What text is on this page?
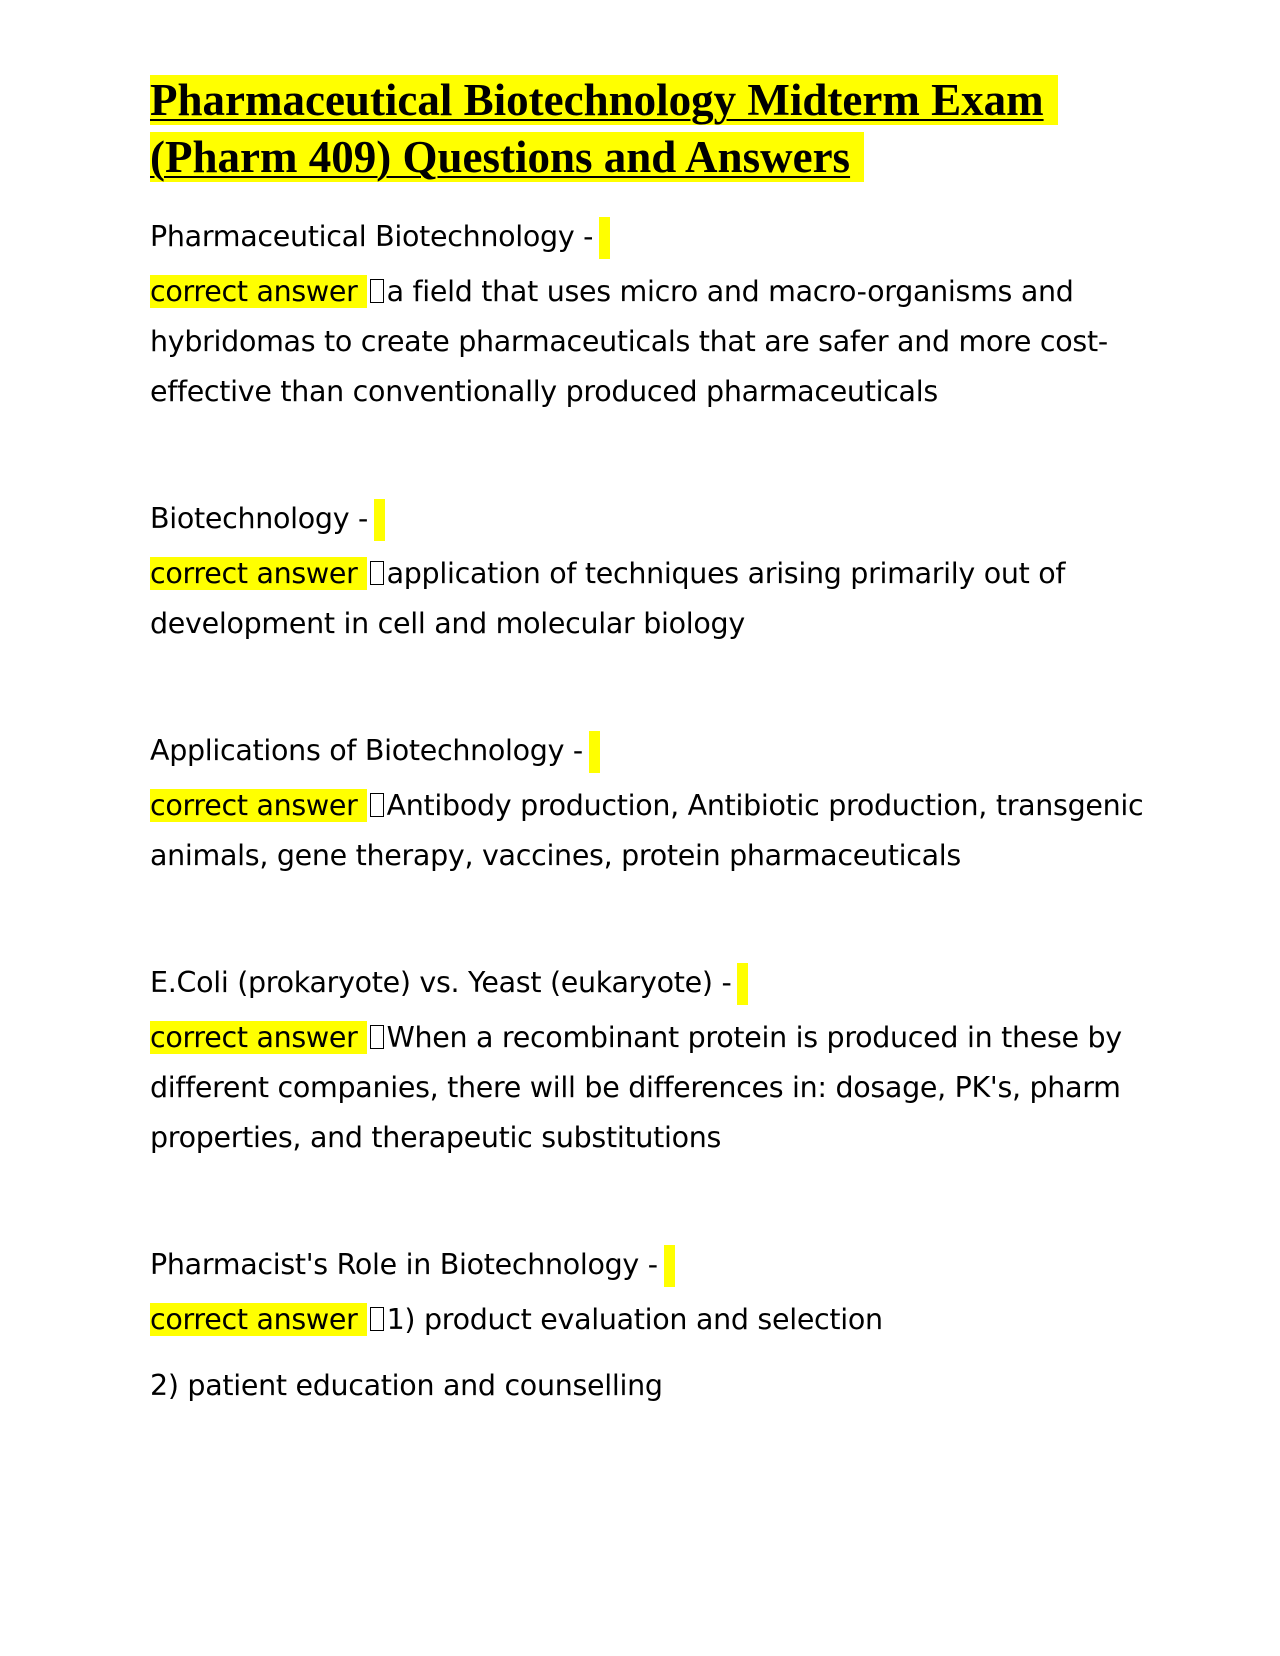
Pharmaceutical Biotechnology Midterm Exam (Pharm 409) Questions and Answers

Pharmaceutical Biotechnology -

correct answer a field that uses micro and macro-organisms and hybridomas to create pharmaceuticals that are safer and more cost-effective than conventionally produced pharmaceuticals

Biotechnology -

correct answer application of techniques arising primarily out of development in cell and molecular biology

Applications of Biotechnology -

correct answer Antibody production, Antibiotic production, transgenic animals, gene therapy, vaccines, protein pharmaceuticals

E.Coli (prokaryote) vs. Yeast (eukaryote) -

correct answer When a recombinant protein is produced in these by different companies, there will be differences in: dosage, PK's, pharm properties, and therapeutic substitutions

Pharmacist's Role in Biotechnology -

correct answer 1) product evaluation and selection

2) patient education and counselling
